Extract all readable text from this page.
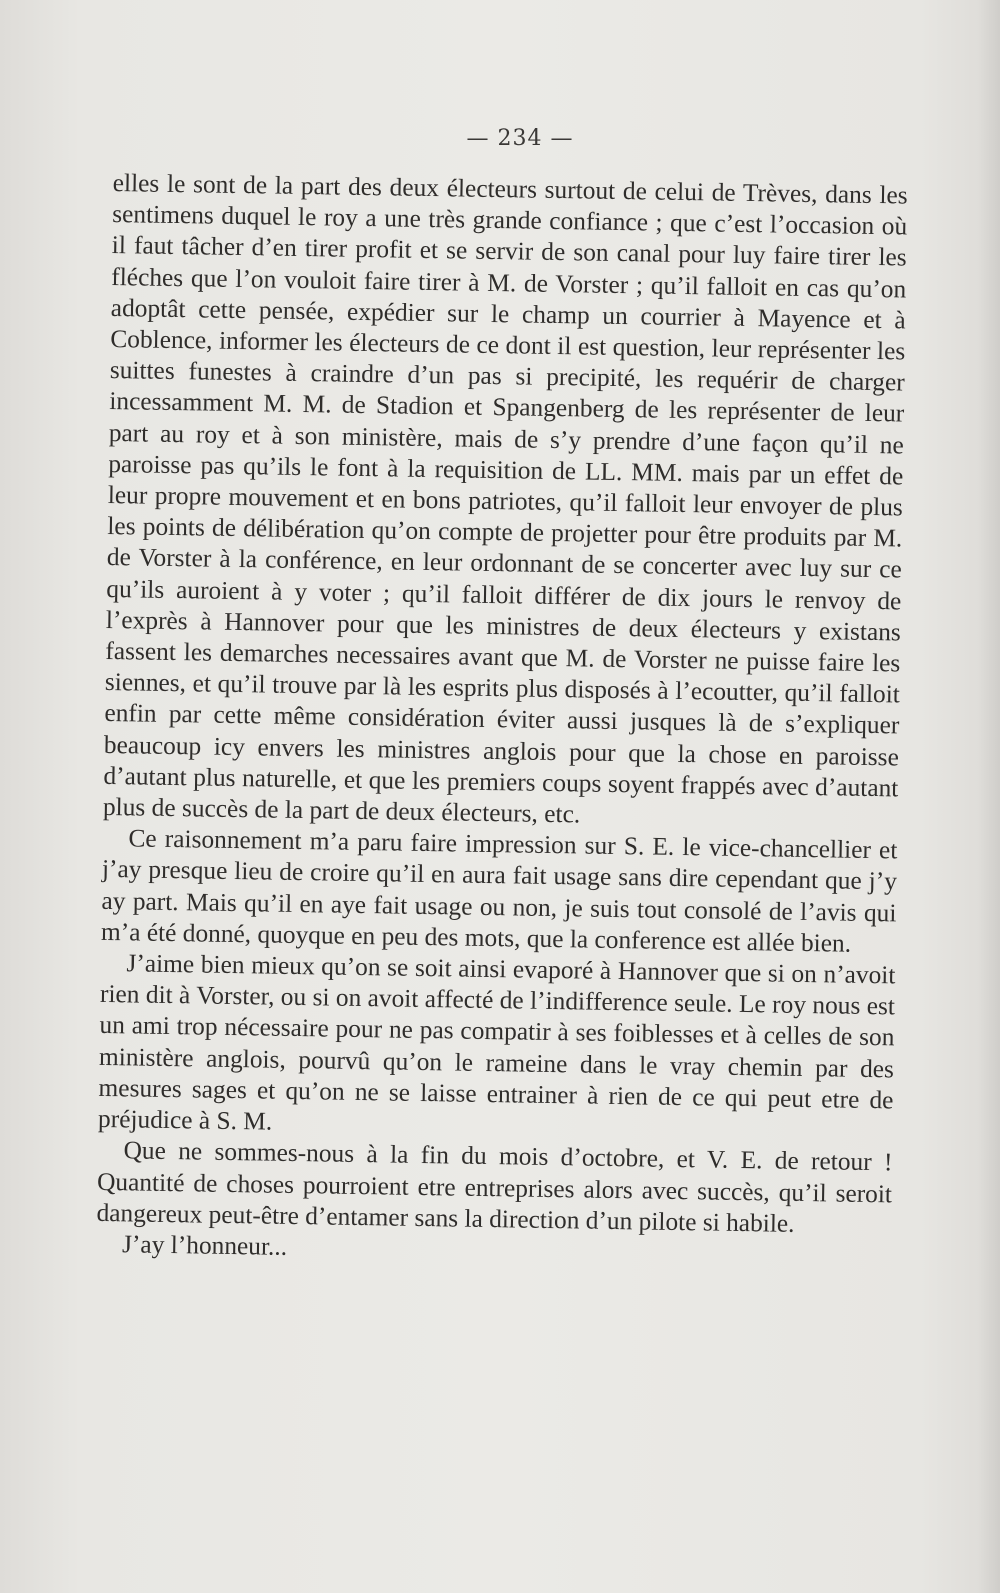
— 234 —

elles le sont de la part des deux électeurs surtout de celui de Trèves, dans les sentimens duquel le roy a une très grande confiance ; que c’est l’occasion où il faut tâcher d’en tirer profit et se servir de son canal pour luy faire tirer les fléches que l’on vouloit faire tirer à M. de Vorster ; qu’il falloit en cas qu’on adoptât cette pensée, expédier sur le champ un courrier à Mayence et à Coblence, informer les électeurs de ce dont il est question, leur représenter les suittes funestes à craindre d’un pas si precipité, les requérir de charger incessamment M. M. de Stadion et Spangenberg de les représenter de leur part au roy et à son ministère, mais de s’y prendre d’une façon qu’il ne paroisse pas qu’ils le font à la requisition de LL. MM. mais par un effet de leur propre mouvement et en bons patriotes, qu’il falloit leur envoyer de plus les points de délibération qu’on compte de projetter pour être produits par M. de Vorster à la conférence, en leur ordonnant de se concerter avec luy sur ce qu’ils auroient à y voter ; qu’il falloit différer de dix jours le renvoy de l’exprès à Hannover pour que les ministres de deux électeurs y existans fassent les demarches necessaires avant que M. de Vorster ne puisse faire les siennes, et qu’il trouve par là les esprits plus disposés à l’ecoutter, qu’il falloit enfin par cette même considération éviter aussi jusques là de s’expliquer beaucoup icy envers les ministres anglois pour que la chose en paroisse d’autant plus naturelle, et que les premiers coups soyent frappés avec d’autant plus de succès de la part de deux électeurs, etc.

Ce raisonnement m’a paru faire impression sur S. E. le vice-chancellier et j’ay presque lieu de croire qu’il en aura fait usage sans dire cependant que j’y ay part. Mais qu’il en aye fait usage ou non, je suis tout consolé de l’avis qui m’a été donné, quoyque en peu des mots, que la conference est allée bien.

J’aime bien mieux qu’on se soit ainsi evaporé à Hannover que si on n’avoit rien dit à Vorster, ou si on avoit affecté de l’indifference seule. Le roy nous est un ami trop nécessaire pour ne pas compatir à ses foiblesses et à celles de son ministère anglois, pourvû qu’on le rameine dans le vray chemin par des mesures sages et qu’on ne se laisse entrainer à rien de ce qui peut etre de préjudice à S. M.

Que ne sommes-nous à la fin du mois d’octobre, et V. E. de retour ! Quantité de choses pourroient etre entreprises alors avec succès, qu’il seroit dangereux peut-être d’entamer sans la direction d’un pilote si habile.

J’ay l’honneur...
